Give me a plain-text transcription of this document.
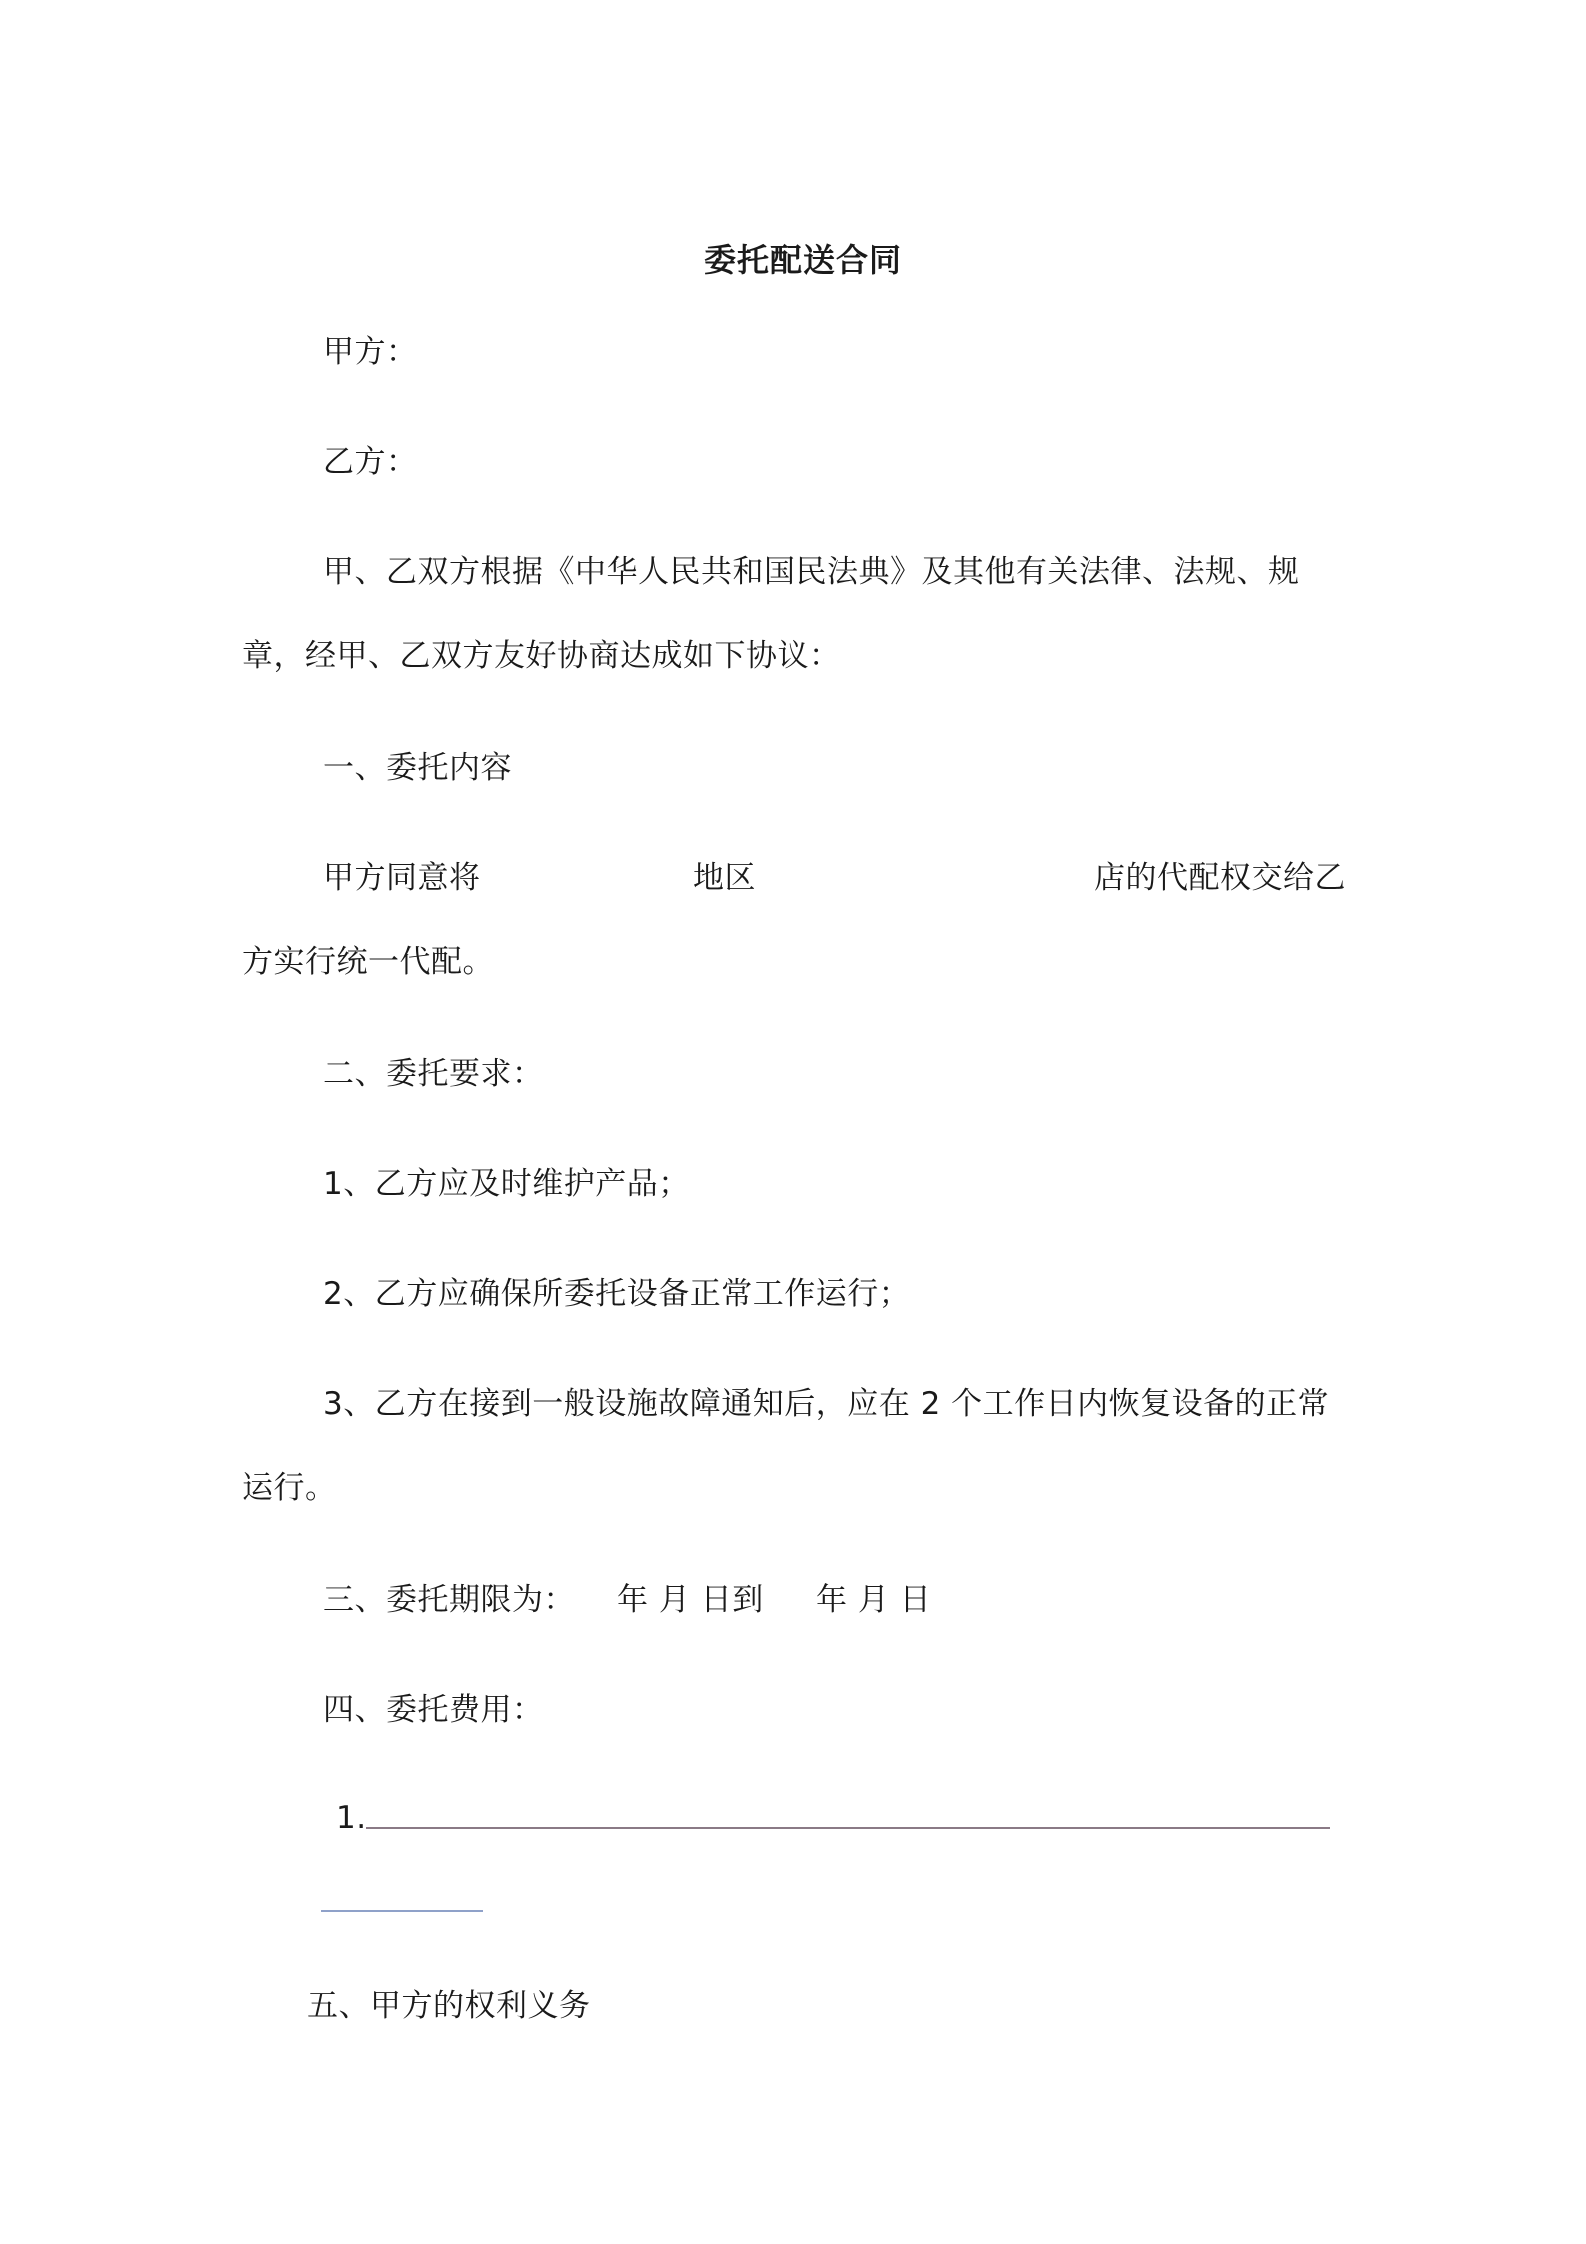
委托配送合同
甲方：
乙方：
甲、乙双方根据《中华人民共和国民法典》及其他有关法律、法规、规
章，经甲、乙双方友好协商达成如下协议：
一、委托内容
甲方同意将	地区	店的代配权交给乙
方实行统一代配。
二、委托要求：
1、乙方应及时维护产品；
2、乙方应确保所委托设备正常工作运行；
3、乙方在接到一般设施故障通知后，应在 2 个工作日内恢复设备的正常
运行。
三、委托期限为： 年 月 日到 年 月 日
四、委托费用：
1.
五、甲方的权利义务
